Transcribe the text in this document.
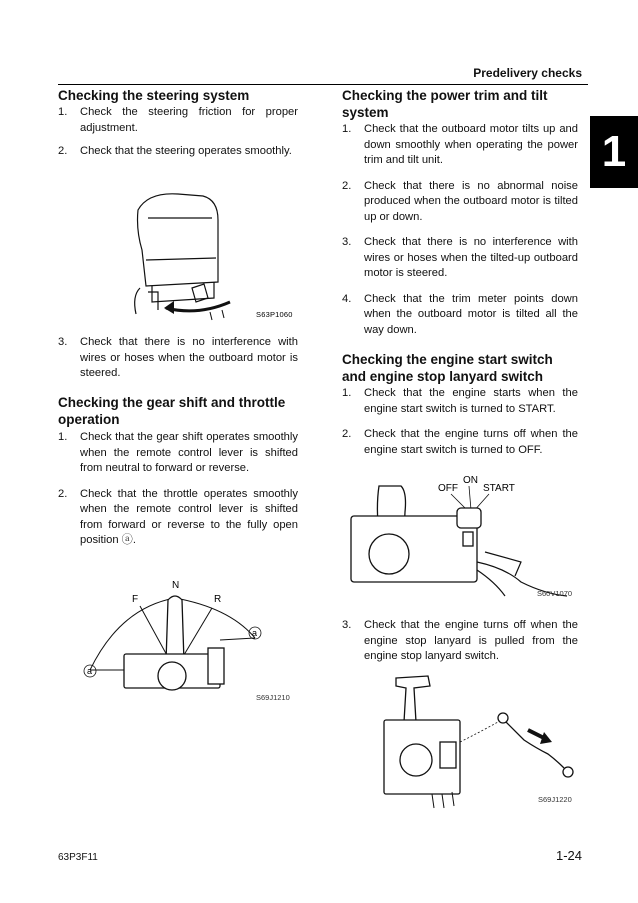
Predelivery checks
1
Checking the steering system
1.	Check the steering friction for proper adjustment.
2.	Check that the steering operates smoothly.
S63P1060
3.	Check that there is no interference with wires or hoses when the outboard motor is steered.
Checking the gear shift and throttle operation
1.	Check that the gear shift operates smoothly when the remote control lever is shifted from neutral to forward or reverse.
2.	Check that the throttle operates smoothly when the remote control lever is shifted from forward or reverse to the fully open position ⓐ.
N
F	R
a
a
S69J1210
Checking the power trim and tilt system
1.	Check that the outboard motor tilts up and down smoothly when operating the power trim and tilt unit.
2.	Check that there is no abnormal noise produced when the outboard motor is tilted up or down.
3.	Check that there is no interference with wires or hoses when the tilted-up outboard motor is steered.
4.	Check that the trim meter points down when the outboard motor is tilted all the way down.
Checking the engine start switch and engine stop lanyard switch
1.	Check that the engine starts when the engine start switch is turned to START.
2.	Check that the engine turns off when the engine start switch is turned to OFF.
OFF
ON
START
S60V1070
3.	Check that the engine turns off when the engine stop lanyard is pulled from the engine stop lanyard switch.
S69J1220
63P3F11	1-24
